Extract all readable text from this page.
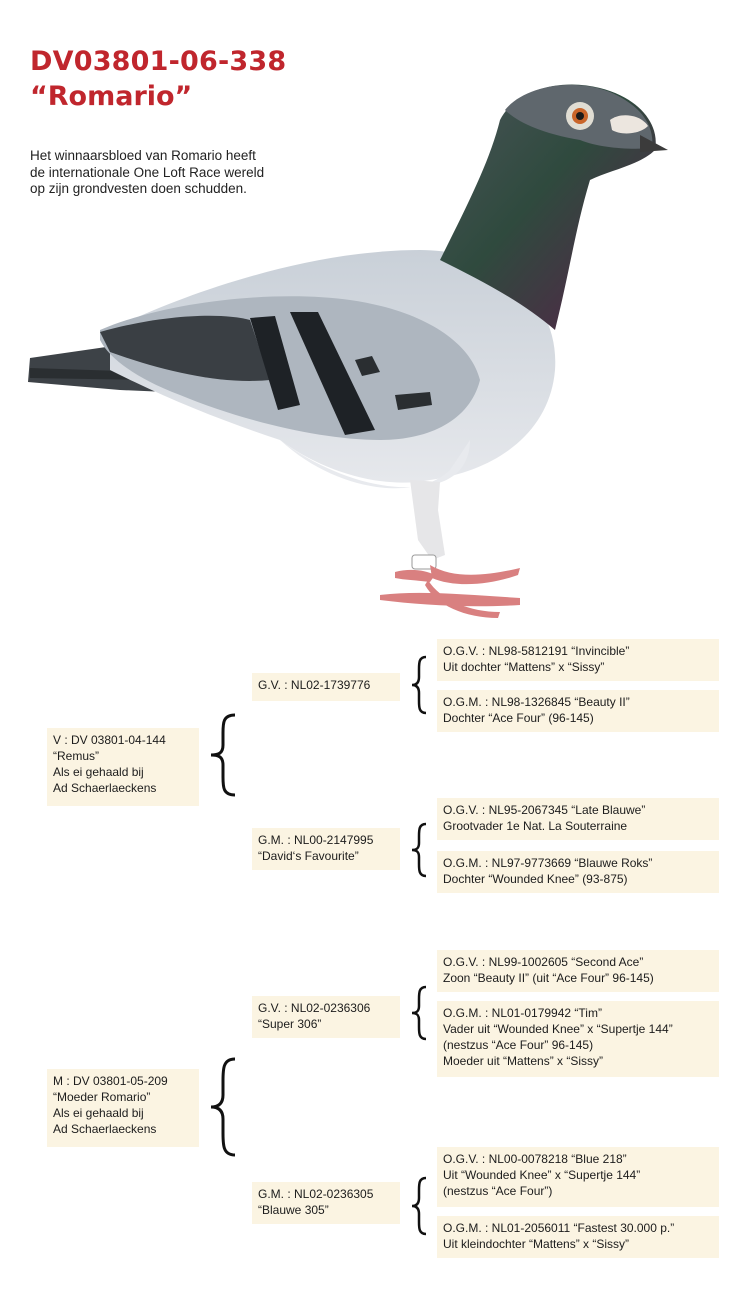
DV03801-06-338
“Romario”
Het winnaarsbloed van Romario heeft
de internationale One Loft Race wereld
op zijn grondvesten doen schudden.
V : DV 03801-04-144
“Remus”
Als ei gehaald bij
Ad Schaerlaeckens
M : DV 03801-05-209
“Moeder Romario”
Als ei gehaald bij
Ad Schaerlaeckens
G.V. : NL02-1739776
G.M. : NL00-2147995
“David‘s Favourite”
G.V. : NL02-0236306
“Super 306”
G.M. : NL02-0236305
“Blauwe 305”
O.G.V. : NL98-5812191 “Invincible”
Uit dochter “Mattens” x “Sissy”
O.G.M. : NL98-1326845 “Beauty II”
Dochter “Ace Four” (96-145)
O.G.V. : NL95-2067345 “Late Blauwe”
Grootvader 1e Nat. La Souterraine
O.G.M. : NL97-9773669 “Blauwe Roks”
Dochter “Wounded Knee” (93-875)
O.G.V. : NL99-1002605 “Second Ace”
Zoon “Beauty II” (uit “Ace Four” 96-145)
O.G.M. : NL01-0179942 “Tim”
Vader uit “Wounded Knee” x “Supertje 144”
(nestzus “Ace Four” 96-145)
Moeder uit “Mattens” x “Sissy”
O.G.V. : NL00-0078218 “Blue 218”
Uit “Wounded Knee” x “Supertje 144”
(nestzus “Ace Four”)
O.G.M. : NL01-2056011 “Fastest 30.000 p.”
Uit kleindochter “Mattens” x “Sissy”
